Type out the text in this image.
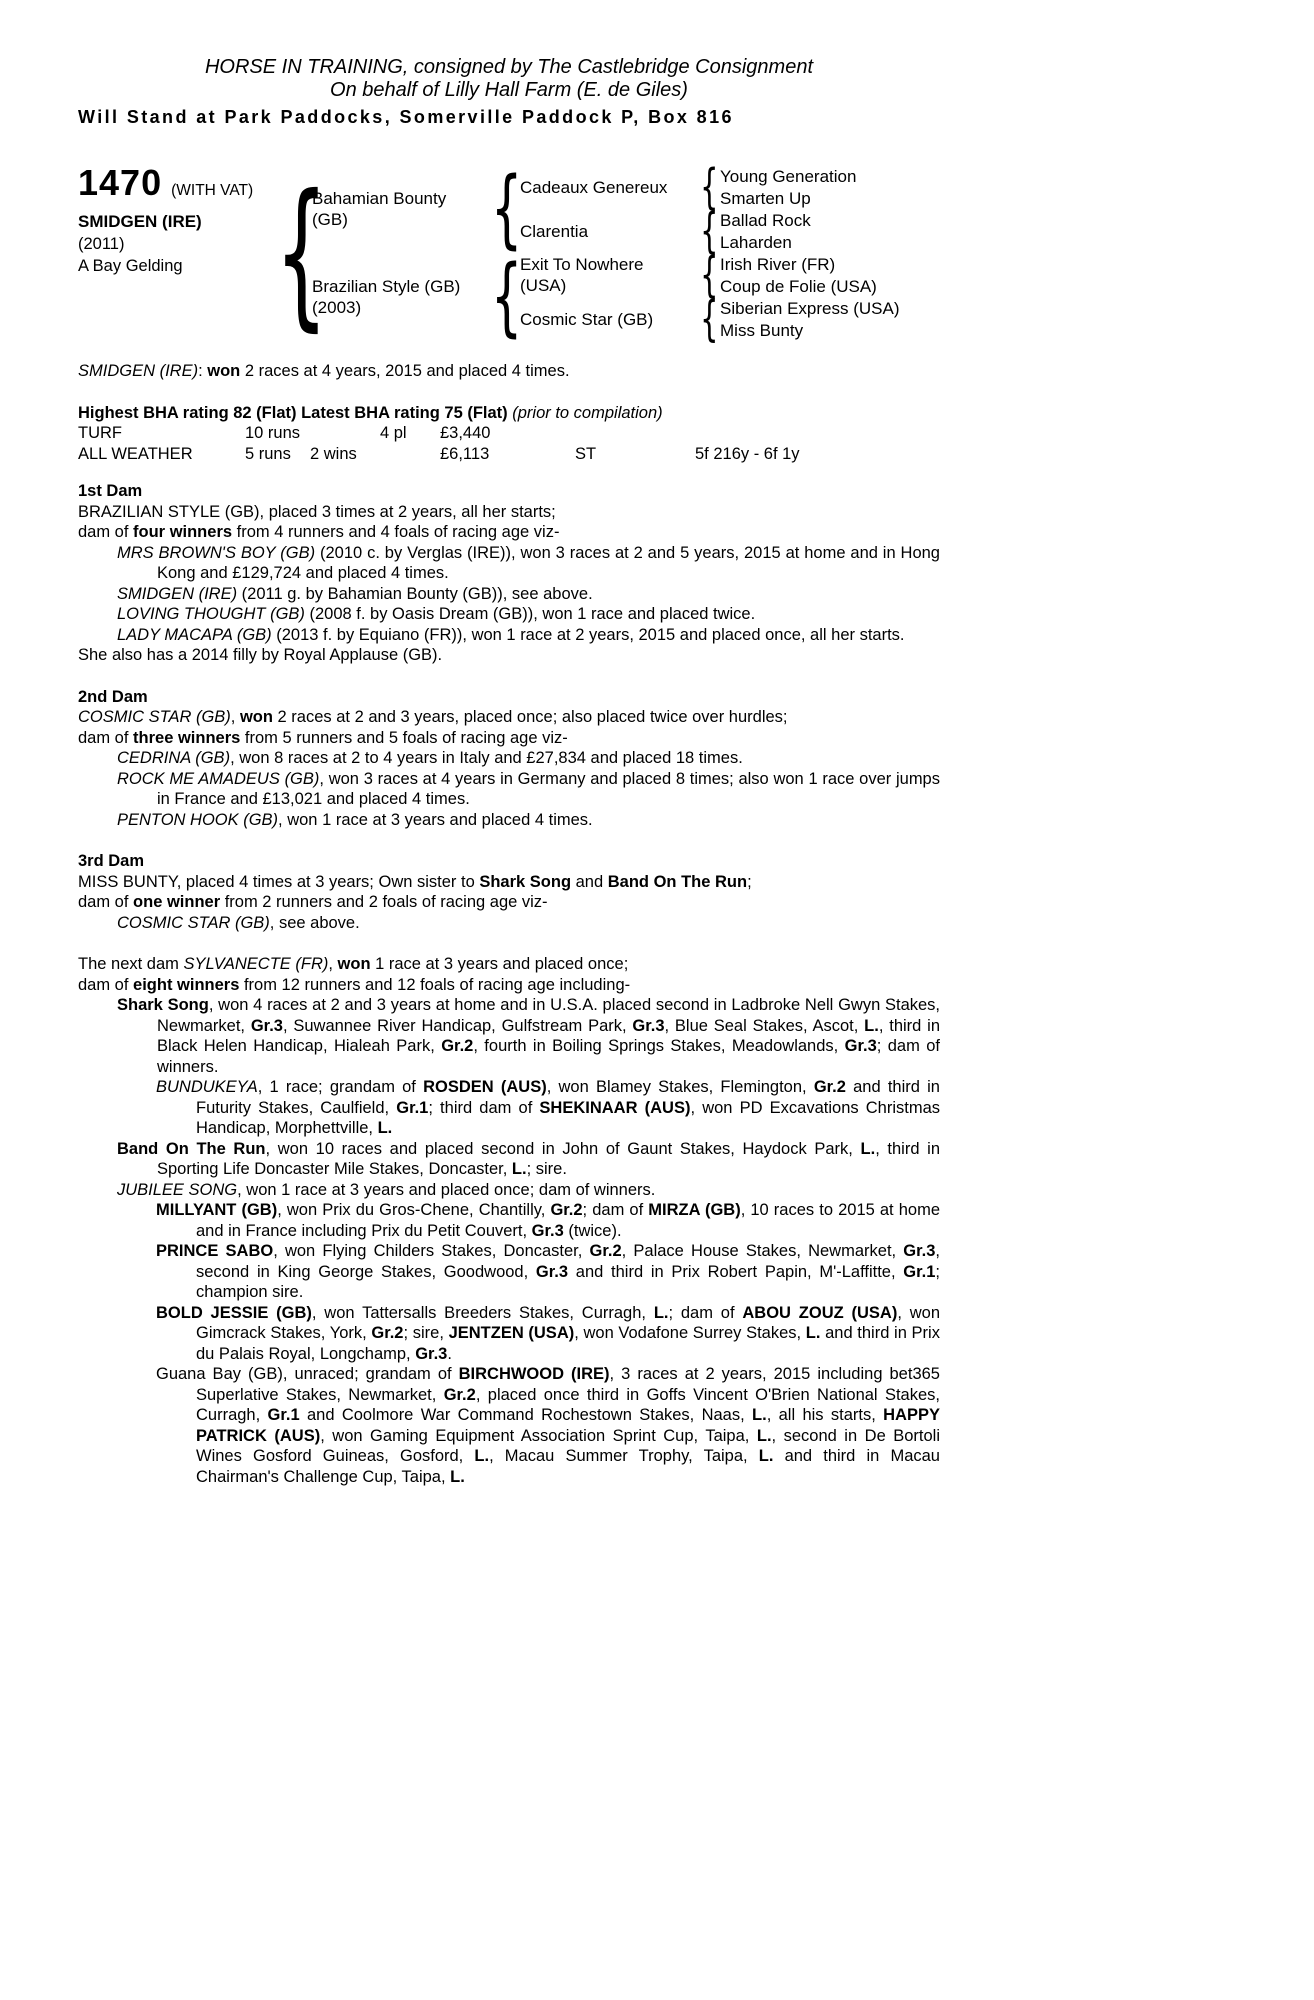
HORSE IN TRAINING, consigned by The Castlebridge Consignment
On behalf of Lilly Hall Farm (E. de Giles)
Will Stand at Park Paddocks, Somerville Paddock P, Box 816
1470 (WITH VAT)
SMIDGEN (IRE)
(2011)
A Bay Gelding
{
Bahamian Bounty
(GB)
Brazilian Style (GB)
(2003)
{
{
Cadeaux Genereux
Clarentia
Exit To Nowhere
(USA)
Cosmic Star (GB)
{
{
{
{
Young Generation
Smarten Up
Ballad Rock
Laharden
Irish River (FR)
Coup de Folie (USA)
Siberian Express (USA)
Miss Bunty

SMIDGEN (IRE): won 2 races at 4 years, 2015 and placed 4 times.

Highest BHA rating 82 (Flat) Latest BHA rating 75 (Flat) (prior to compilation)

TURF	10 runs	4 pl	£3,440
ALL WEATHER	5 runs	2 wins	£6,113	ST	5f 216y - 6f 1y

1st Dam

BRAZILIAN STYLE (GB), placed 3 times at 2 years, all her starts;
dam of four winners from 4 runners and 4 foals of racing age viz-

MRS BROWN'S BOY (GB) (2010 c. by Verglas (IRE)), won 3 races at 2 and 5 years, 2015 at home and in Hong Kong and £129,724 and placed 4 times.

SMIDGEN (IRE) (2011 g. by Bahamian Bounty (GB)), see above.

LOVING THOUGHT (GB) (2008 f. by Oasis Dream (GB)), won 1 race and placed twice.

LADY MACAPA (GB) (2013 f. by Equiano (FR)), won 1 race at 2 years, 2015 and placed once, all her starts.

She also has a 2014 filly by Royal Applause (GB).

2nd Dam

COSMIC STAR (GB), won 2 races at 2 and 3 years, placed once; also placed twice over hurdles;
dam of three winners from 5 runners and 5 foals of racing age viz-

CEDRINA (GB), won 8 races at 2 to 4 years in Italy and £27,834 and placed 18 times.

ROCK ME AMADEUS (GB), won 3 races at 4 years in Germany and placed 8 times; also won 1 race over jumps in France and £13,021 and placed 4 times.

PENTON HOOK (GB), won 1 race at 3 years and placed 4 times.

3rd Dam

MISS BUNTY, placed 4 times at 3 years; Own sister to Shark Song and Band On The Run;
dam of one winner from 2 runners and 2 foals of racing age viz-

COSMIC STAR (GB), see above.

The next dam SYLVANECTE (FR), won 1 race at 3 years and placed once;
dam of eight winners from 12 runners and 12 foals of racing age including-

Shark Song, won 4 races at 2 and 3 years at home and in U.S.A. placed second in Ladbroke Nell Gwyn Stakes, Newmarket, Gr.3, Suwannee River Handicap, Gulfstream Park, Gr.3, Blue Seal Stakes, Ascot, L., third in Black Helen Handicap, Hialeah Park, Gr.2, fourth in Boiling Springs Stakes, Meadowlands, Gr.3; dam of winners.

BUNDUKEYA, 1 race; grandam of ROSDEN (AUS), won Blamey Stakes, Flemington, Gr.2 and third in Futurity Stakes, Caulfield, Gr.1; third dam of SHEKINAAR (AUS), won PD Excavations Christmas Handicap, Morphettville, L.

Band On The Run, won 10 races and placed second in John of Gaunt Stakes, Haydock Park, L., third in Sporting Life Doncaster Mile Stakes, Doncaster, L.; sire.

JUBILEE SONG, won 1 race at 3 years and placed once; dam of winners.

MILLYANT (GB), won Prix du Gros-Chene, Chantilly, Gr.2; dam of MIRZA (GB), 10 races to 2015 at home and in France including Prix du Petit Couvert, Gr.3 (twice).

PRINCE SABO, won Flying Childers Stakes, Doncaster, Gr.2, Palace House Stakes, Newmarket, Gr.3, second in King George Stakes, Goodwood, Gr.3 and third in Prix Robert Papin, M'-Laffitte, Gr.1; champion sire.

BOLD JESSIE (GB), won Tattersalls Breeders Stakes, Curragh, L.; dam of ABOU ZOUZ (USA), won Gimcrack Stakes, York, Gr.2; sire, JENTZEN (USA), won Vodafone Surrey Stakes, L. and third in Prix du Palais Royal, Longchamp, Gr.3.

Guana Bay (GB), unraced; grandam of BIRCHWOOD (IRE), 3 races at 2 years, 2015 including bet365 Superlative Stakes, Newmarket, Gr.2, placed once third in Goffs Vincent O'Brien National Stakes, Curragh, Gr.1 and Coolmore War Command Rochestown Stakes, Naas, L., all his starts, HAPPY PATRICK (AUS), won Gaming Equipment Association Sprint Cup, Taipa, L., second in De Bortoli Wines Gosford Guineas, Gosford, L., Macau Summer Trophy, Taipa, L. and third in Macau Chairman's Challenge Cup, Taipa, L.
